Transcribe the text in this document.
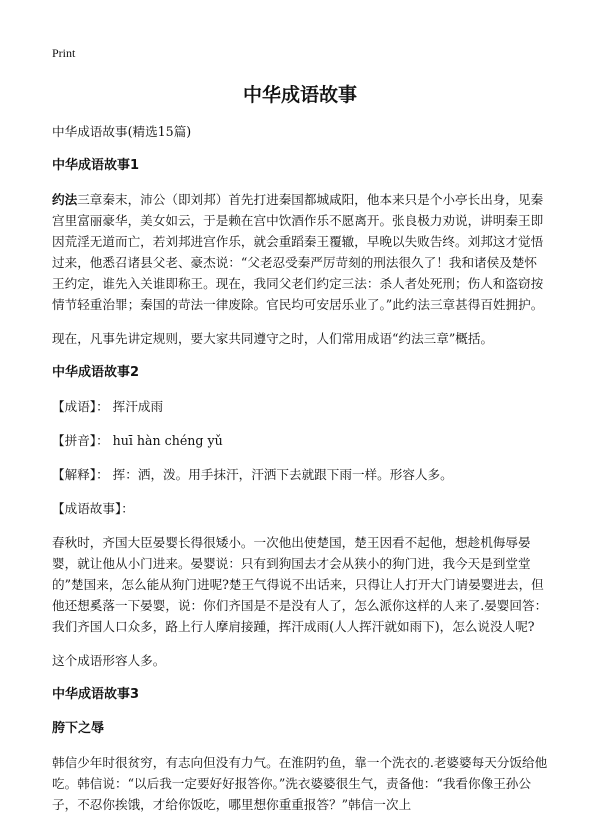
Print
中华成语故事

中华成语故事(精选15篇)

中华成语故事1

约法三章秦末，沛公（即刘邦）首先打进秦国都城咸阳，他本来只是个小亭长出身，见秦宫里富丽豪华，美女如云，于是赖在宫中饮酒作乐不愿离开。张良极力劝说，讲明秦王即因荒淫无道而亡，若刘邦进宫作乐，就会重蹈秦王覆辙，早晚以失败告终。刘邦这才觉悟过来，他悉召诸县父老、豪杰说：“父老忍受秦严厉苛刻的刑法很久了！我和诸侯及楚怀王约定，谁先入关谁即称王。现在，我同父老们约定三法：杀人者处死刑；伤人和盗窃按情节轻重治罪；秦国的苛法一律废除。官民均可安居乐业了。”此约法三章甚得百姓拥护。

现在，凡事先讲定规则，要大家共同遵守之时，人们常用成语“约法三章”概括。

中华成语故事2

【成语】： 挥汗成雨

【拼音】： huī hàn chéng yǔ

【解释】： 挥：洒，泼。用手抹汗，汗洒下去就跟下雨一样。形容人多。

【成语故事】：

春秋时，齐国大臣晏婴长得很矮小。一次他出使楚国，楚王因看不起他，想趁机侮辱晏婴，就让他从小门进来。晏婴说：只有到狗国去才会从狭小的狗门进，我今天是到堂堂的”楚国来，怎么能从狗门进呢?楚王气得说不出话来，只得让人打开大门请晏婴进去，但他还想奚落一下晏婴，说：你们齐国是不是没有人了，怎么派你这样的人来了.晏婴回答：我们齐国人口众多，路上行人摩肩接踵，挥汗成雨(人人挥汗就如雨下)，怎么说没人呢?

这个成语形容人多。

中华成语故事3
胯下之辱

韩信少年时很贫穷，有志向但没有力气。在淮阴钓鱼，靠一个洗衣的.老婆婆每天分饭给他吃。韩信说：“以后我一定要好好报答你。”洗衣婆婆很生气，责备他：“我看你像王孙公子，不忍你挨饿，才给你饭吃，哪里想你重重报答？”韩信一次上
